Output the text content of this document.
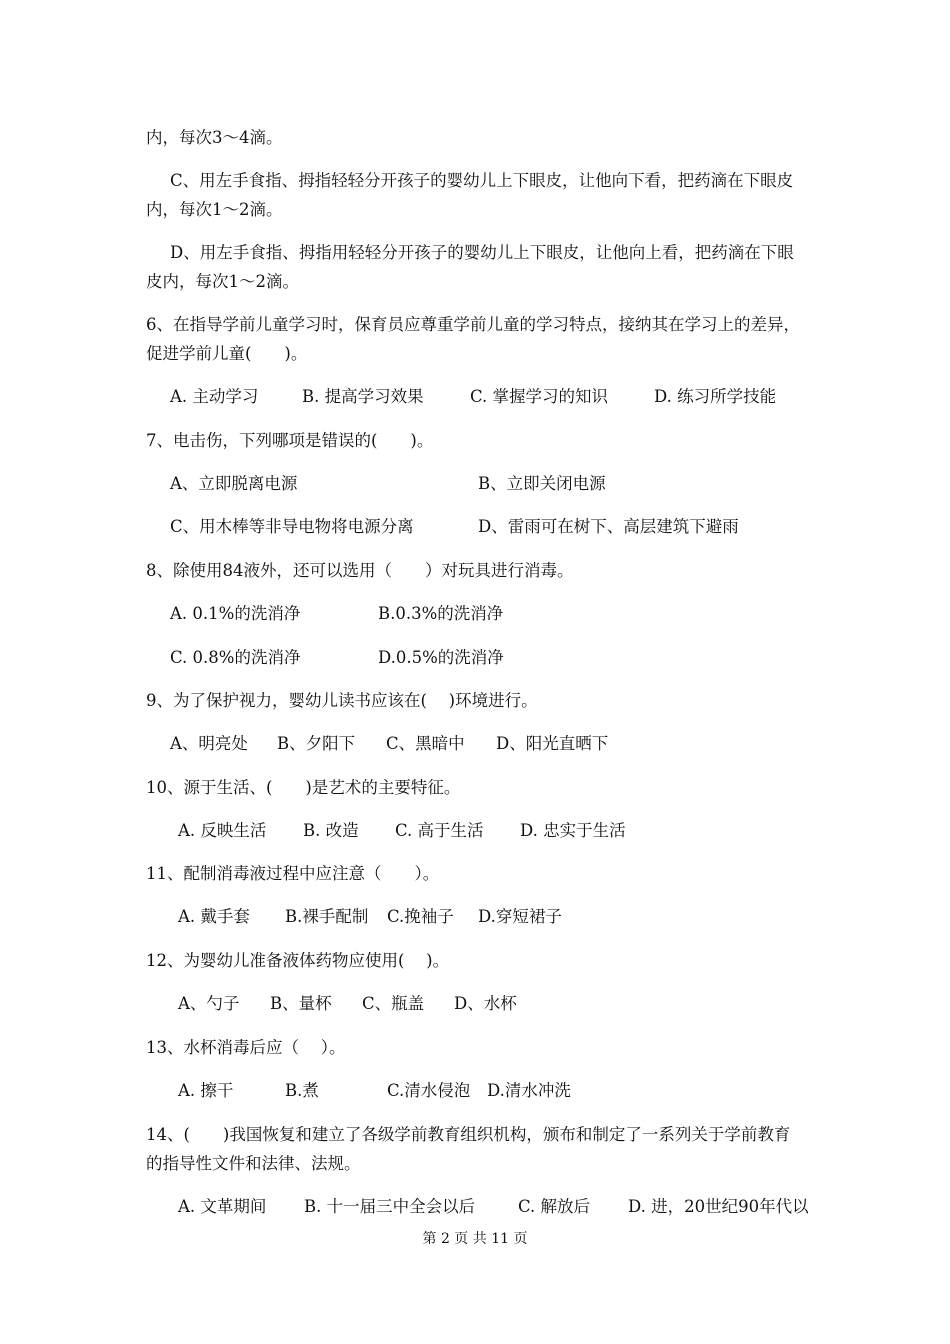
内，每次3～4滴。
C、用左手食指、拇指轻轻分开孩子的婴幼儿上下眼皮，让他向下看，把药滴在下眼皮
内，每次1～2滴。
D、用左手食指、拇指用轻轻分开孩子的婴幼儿上下眼皮，让他向上看，把药滴在下眼
皮内，每次1～2滴。
6、在指导学前儿童学习时，保育员应尊重学前儿童的学习特点，接纳其在学习上的差异，
促进学前儿童(　　)。
A. 主动学习	B. 提高学习效果	C. 掌握学习的知识	D. 练习所学技能
7、电击伤，下列哪项是错误的(　　)。
A、立即脱离电源	B、立即关闭电源
C、用木棒等非导电物将电源分离	D、雷雨可在树下、高层建筑下避雨
8、除使用84液外，还可以选用（　　）对玩具进行消毒。
A. 0.1%的洗消净	B.0.3%的洗消净
C. 0.8%的洗消净	D.0.5%的洗消净
9、为了保护视力，婴幼儿读书应该在(　 )环境进行。
A、明亮处 B、夕阳下 C、黑暗中 D、阳光直晒下
10、源于生活、(　　)是艺术的主要特征。
A. 反映生活 B. 改造 C. 高于生活 D. 忠实于生活
11、配制消毒液过程中应注意（　　）。
A. 戴手套 B.裸手配制 C.挽袖子 D.穿短裙子
12、为婴幼儿准备液体药物应使用(　 )。
A、勺子 B、量杯 C、瓶盖 D、水杯
13、水杯消毒后应（　 ）。
A. 擦干	B.煮	C.清水侵泡 D.清水冲洗
14、(　　)我国恢复和建立了各级学前教育组织机构，颁布和制定了一系列关于学前教育
的指导性文件和法律、法规。
A. 文革期间 B. 十一届三中全会以后	C. 解放后 D. 进，20世纪90年代以
第 2 页 共 11 页
